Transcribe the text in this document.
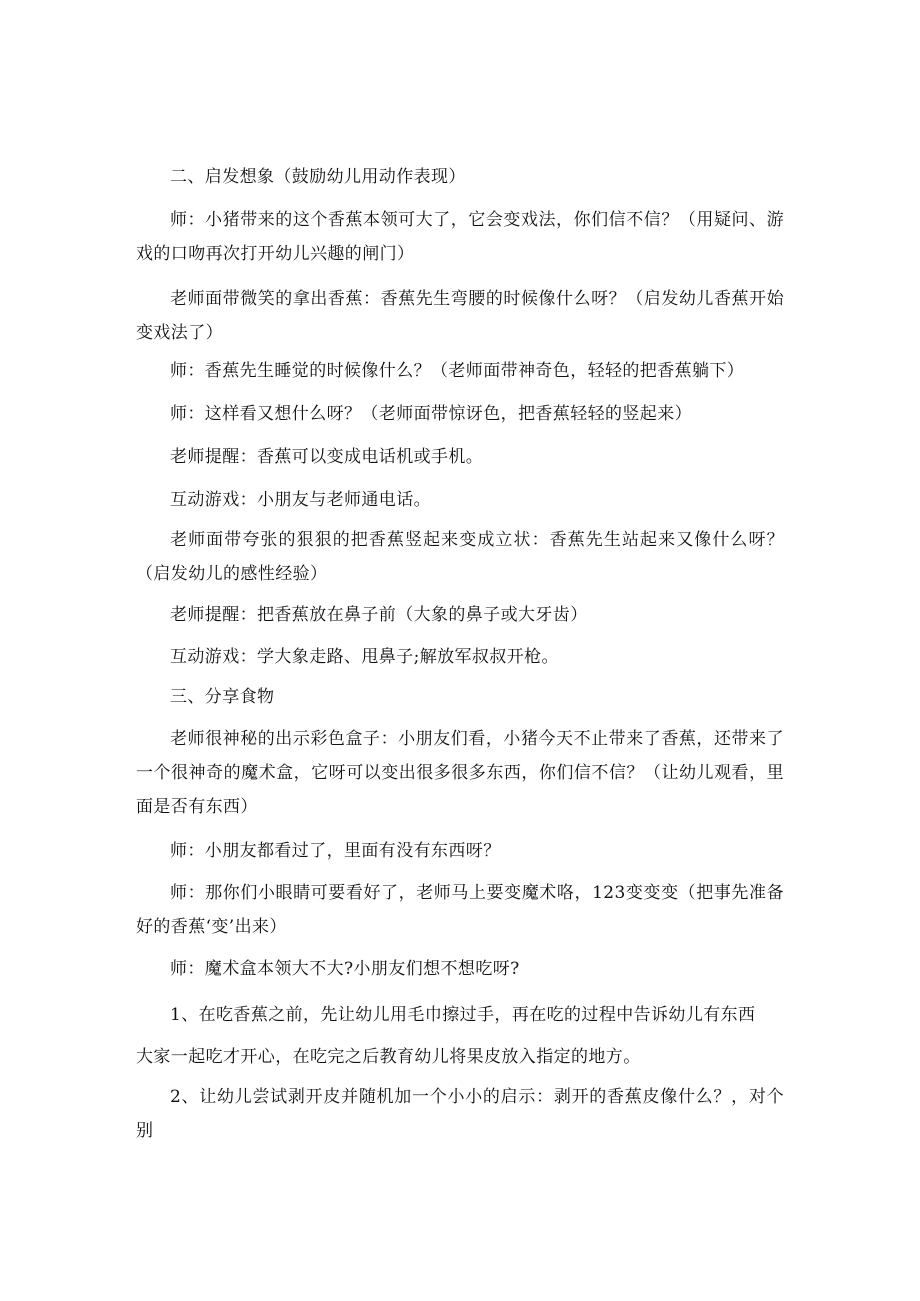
二、启发想象（鼓励幼儿用动作表现）

师：小猪带来的这个香蕉本领可大了，它会变戏法，你们信不信？（用疑问、游戏的口吻再次打开幼儿兴趣的闸门）

老师面带微笑的拿出香蕉：香蕉先生弯腰的时候像什么呀？（启发幼儿香蕉开始变戏法了）

师：香蕉先生睡觉的时候像什么？（老师面带神奇色，轻轻的把香蕉躺下）

师：这样看又想什么呀？（老师面带惊讶色，把香蕉轻轻的竖起来）

老师提醒：香蕉可以变成电话机或手机。

互动游戏：小朋友与老师通电话。

老师面带夸张的狠狠的把香蕉竖起来变成立状：香蕉先生站起来又像什么呀？（启发幼儿的感性经验）

老师提醒：把香蕉放在鼻子前（大象的鼻子或大牙齿）

互动游戏：学大象走路、甩鼻子;解放军叔叔开枪。

三、分享食物

老师很神秘的出示彩色盒子：小朋友们看，小猪今天不止带来了香蕉，还带来了一个很神奇的魔术盒，它呀可以变出很多很多东西，你们信不信？（让幼儿观看，里面是否有东西）

师：小朋友都看过了，里面有没有东西呀？

师：那你们小眼睛可要看好了，老师马上要变魔术咯，123变变变（把事先准备好的香蕉‘变’出来）

师：魔术盒本领大不大?小朋友们想不想吃呀?

1、在吃香蕉之前，先让幼儿用毛巾擦过手，再在吃的过程中告诉幼儿有东西

大家一起吃才开心，在吃完之后教育幼儿将果皮放入指定的地方。

2、让幼儿尝试剥开皮并随机加一个小小的启示：剥开的香蕉皮像什么？，对个别
